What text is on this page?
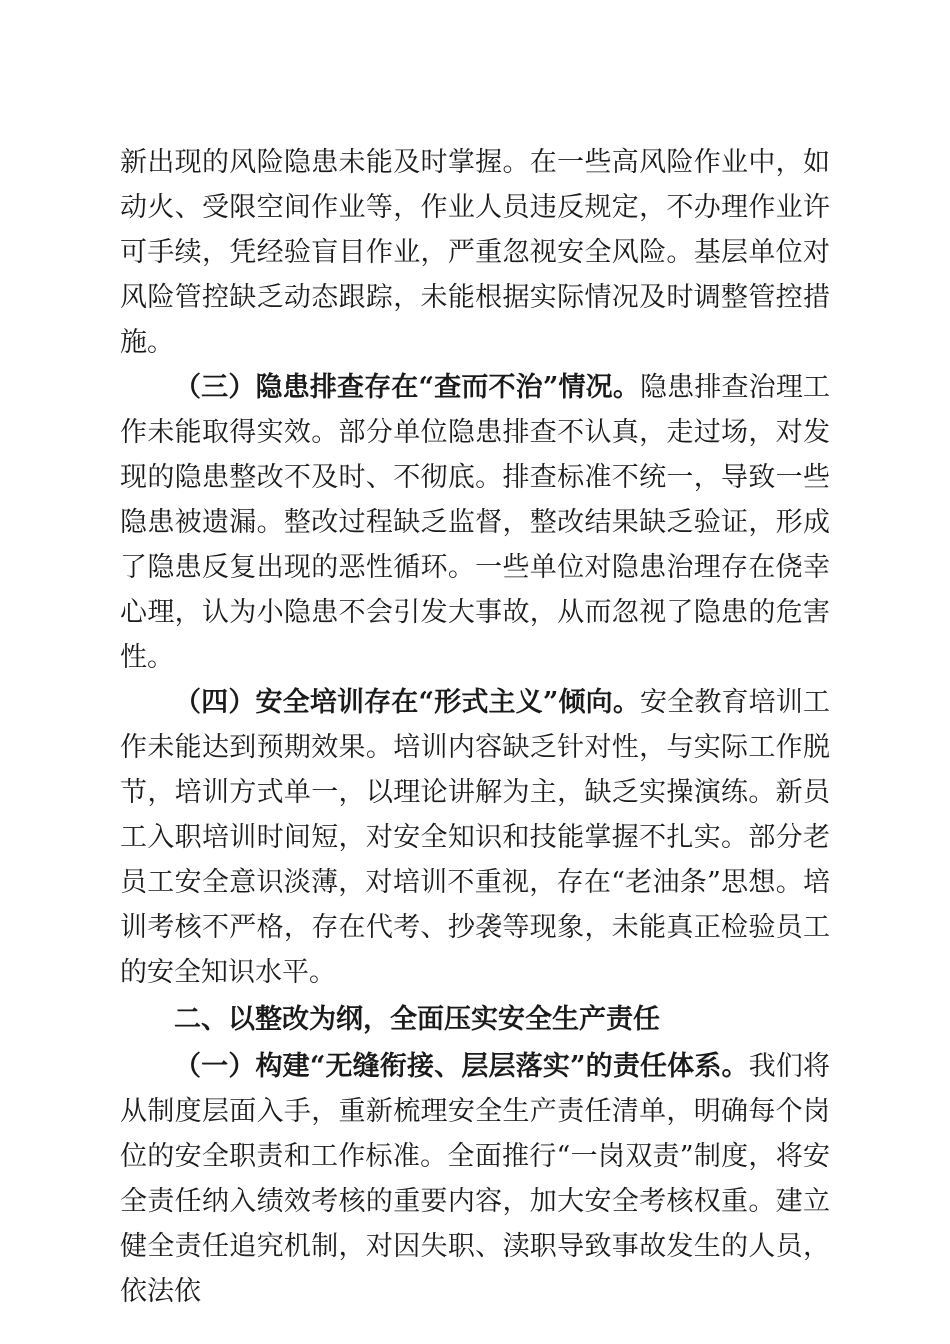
新出现的风险隐患未能及时掌握。在一些高风险作业中，如动火、受限空间作业等，作业人员违反规定，不办理作业许可手续，凭经验盲目作业，严重忽视安全风险。基层单位对风险管控缺乏动态跟踪，未能根据实际情况及时调整管控措施。

（三）隐患排查存在“查而不治”情况。隐患排查治理工作未能取得实效。部分单位隐患排查不认真，走过场，对发现的隐患整改不及时、不彻底。排查标准不统一，导致一些隐患被遗漏。整改过程缺乏监督，整改结果缺乏验证，形成了隐患反复出现的恶性循环。一些单位对隐患治理存在侥幸心理，认为小隐患不会引发大事故，从而忽视了隐患的危害性。

（四）安全培训存在“形式主义”倾向。安全教育培训工作未能达到预期效果。培训内容缺乏针对性，与实际工作脱节，培训方式单一，以理论讲解为主，缺乏实操演练。新员工入职培训时间短，对安全知识和技能掌握不扎实。部分老员工安全意识淡薄，对培训不重视，存在“老油条”思想。培训考核不严格，存在代考、抄袭等现象，未能真正检验员工的安全知识水平。

二、以整改为纲，全面压实安全生产责任

（一）构建“无缝衔接、层层落实”的责任体系。我们将从制度层面入手，重新梳理安全生产责任清单，明确每个岗位的安全职责和工作标准。全面推行“一岗双责”制度，将安全责任纳入绩效考核的重要内容，加大安全考核权重。建立健全责任追究机制，对因失职、渎职导致事故发生的人员，依法依
